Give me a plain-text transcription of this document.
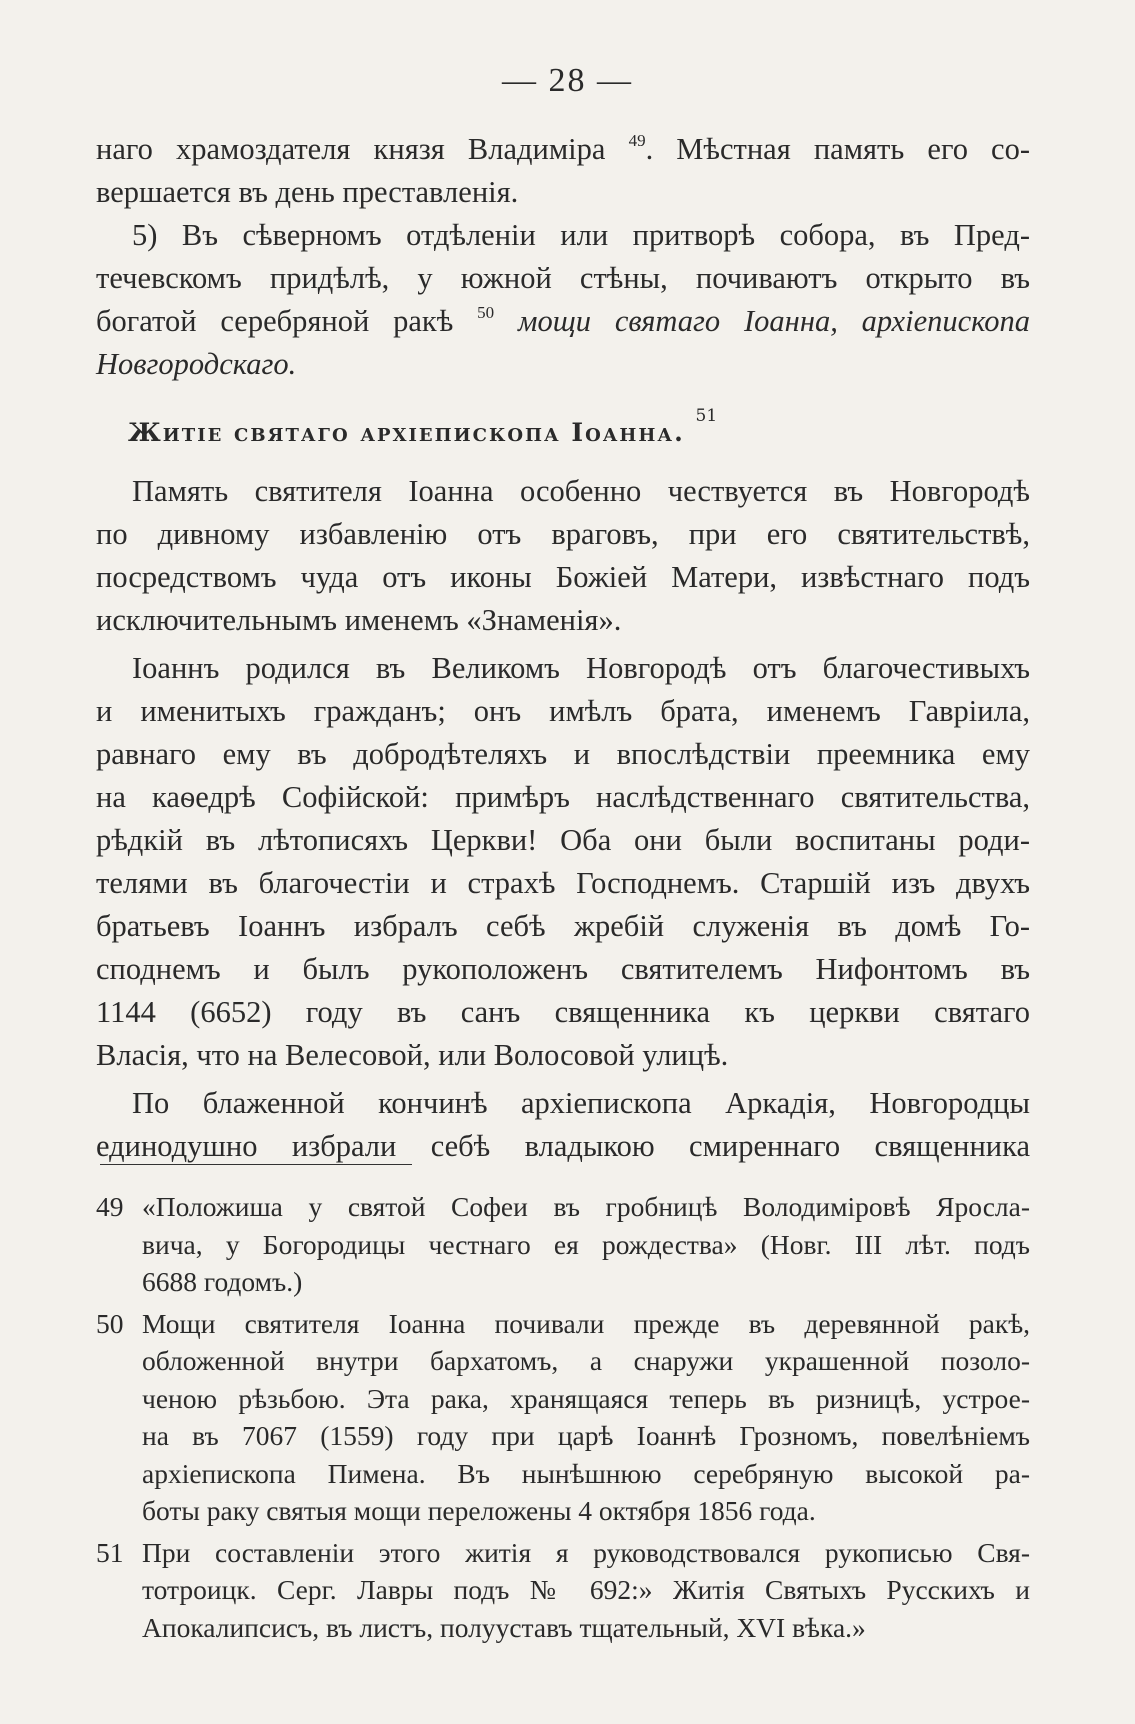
— 28 —
наго храмоздателя князя Владимiра $^{49}$. Мѣстная память его со-
вершается въ день преставленiя.
5) Въ сѣверномъ отдѣленiи или притворѣ собора, въ Пред-
течевскомъ придѣлѣ, у южной стѣны, почиваютъ открыто въ
богатой серебряной ракѣ $^{50}$ мощи святаго Iоанна, архiепископа
Новгородскаго.
Житiе святаго архiепископа Iоанна. $^{51}$
Память святителя Iоанна особенно чествуется въ Новгородѣ
по дивному избавленiю отъ враговъ, при его святительствѣ,
посредствомъ чуда отъ иконы Божiей Матери, извѣстнаго подъ
исключительнымъ именемъ «Знаменiя».
Iоаннъ родился въ Великомъ Новгородѣ отъ благочестивыхъ
и именитыхъ гражданъ; онъ имѣлъ брата, именемъ Гаврiила,
равнаго ему въ добродѣтеляхъ и впослѣдствiи преемника ему
на каѳедрѣ Софiйской: примѣръ наслѣдственнаго святительства,
рѣдкiй въ лѣтописяхъ Церкви! Оба они были воспитаны роди-
телями въ благочестiи и страхѣ Господнемъ. Старшiй изъ двухъ
братьевъ Iоаннъ избралъ себѣ жребiй служенiя въ домѣ Го-
споднемъ и былъ рукоположенъ святителемъ Нифонтомъ въ
1144 (6652) году въ санъ священника къ церкви святаго
Власiя, что на Велесовой, или Волосовой улицѣ.
По блаженной кончинѣ архiепископа Аркадiя, Новгородцы
единодушно избрали себѣ владыкою смиреннаго священника
49 «Положиша у святой Софеи въ гробницѣ Володимiровѣ Яросла-
вича, у Богородицы честнаго ея рождества» (Новг. III лѣт. подъ
6688 годомъ.)
50 Мощи святителя Iоанна почивали прежде въ деревянной ракѣ,
обложенной внутри бархатомъ, а снаружи украшенной позоло-
ченою рѣзьбою. Эта рака, хранящаяся теперь въ ризницѣ, устрое-
на въ 7067 (1559) году при царѣ Iоаннѣ Грозномъ, повелѣнiемъ
архiепископа Пимена. Въ нынѣшнюю серебряную высокой ра-
боты раку святыя мощи переложены 4 октября 1856 года.
51 При составленiи этого житiя я руководствовался рукописью Свя-
тотроицк. Серг. Лавры подъ № 692:» Житiя Святыхъ Русскихъ и
Апокалипсисъ, въ листъ, полууставъ тщательный, XVI вѣка.»
